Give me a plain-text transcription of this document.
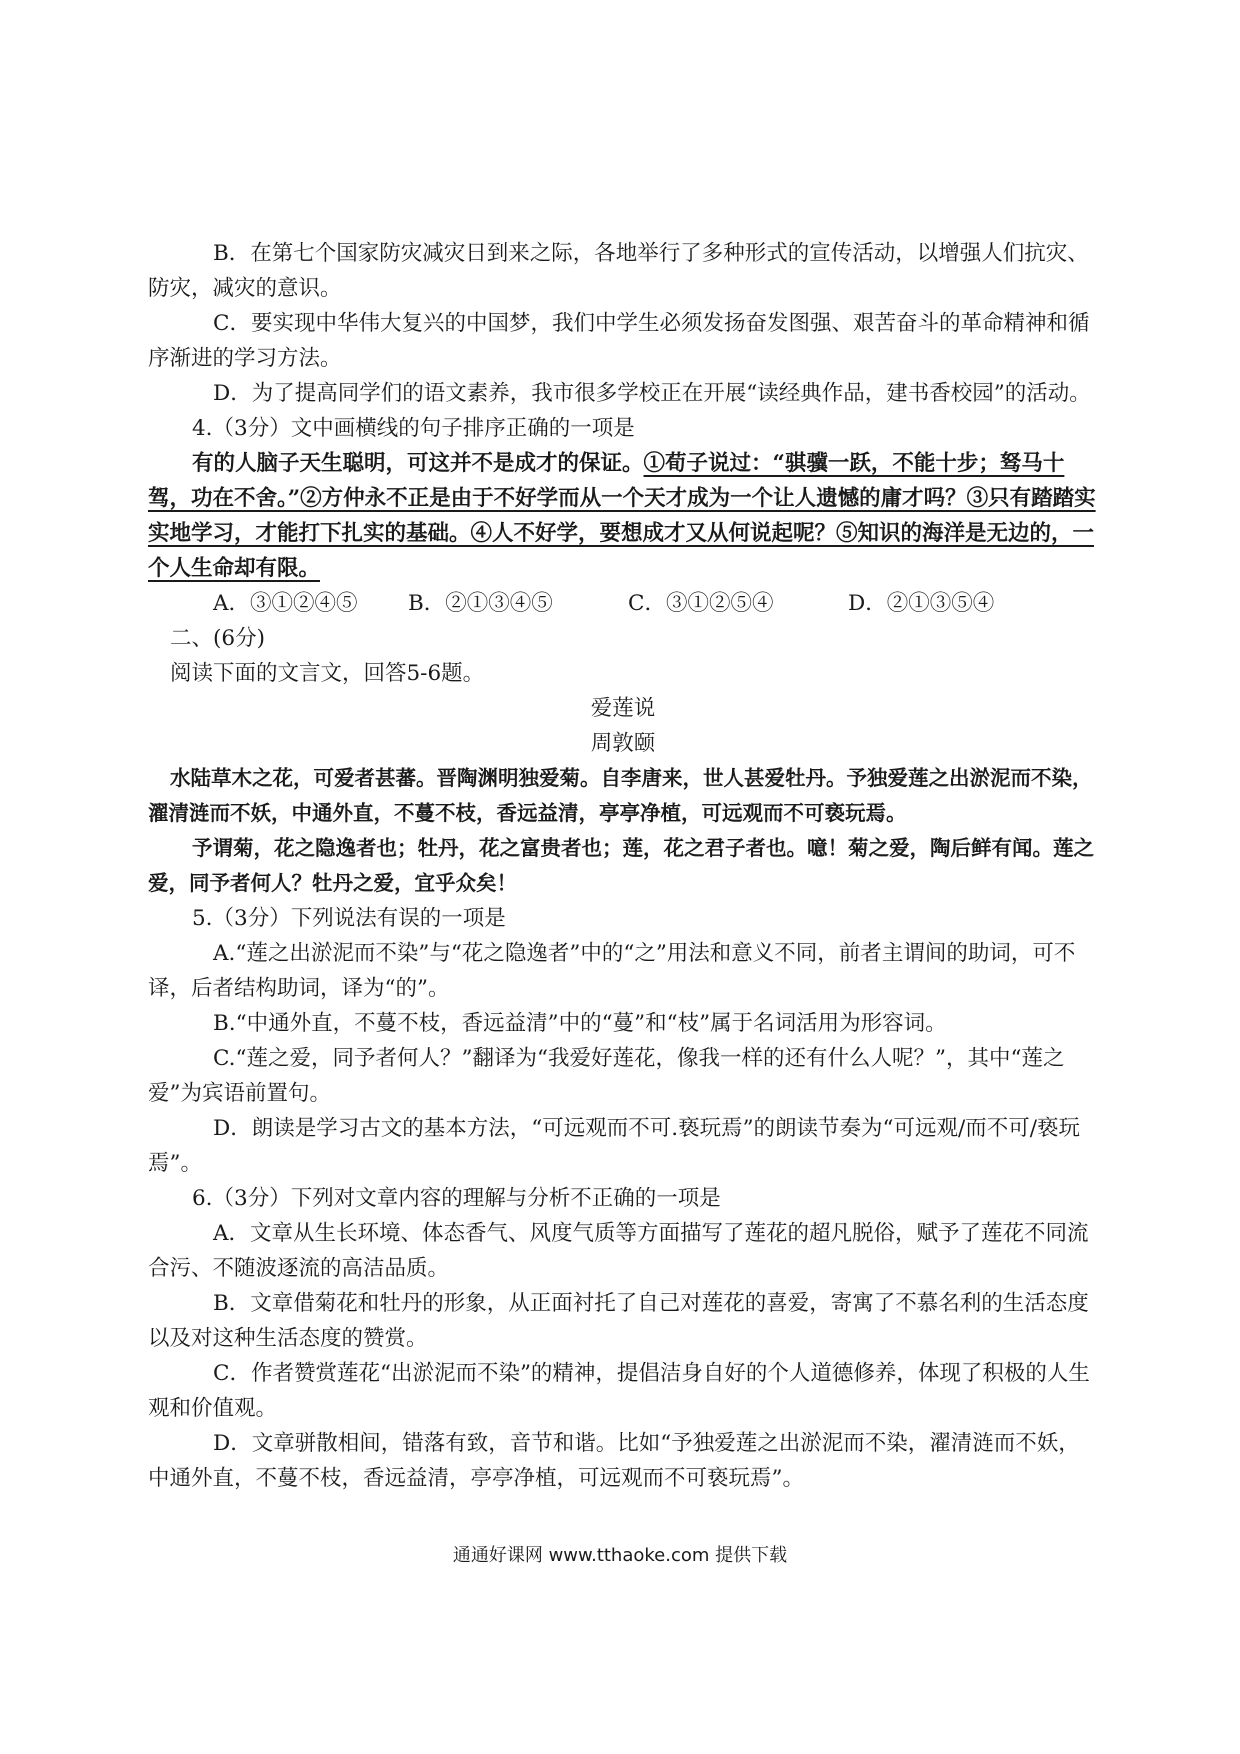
B．在第七个国家防灾减灾日到来之际，各地举行了多种形式的宣传活动，以增强人们抗灾、防灾，减灾的意识。

C．要实现中华伟大复兴的中国梦，我们中学生必须发扬奋发图强、艰苦奋斗的革命精神和循序渐进的学习方法。

D．为了提高同学们的语文素养，我市很多学校正在开展“读经典作品，建书香校园”的活动。

4.（3分）文中画横线的句子排序正确的一项是

有的人脑子天生聪明，可这并不是成才的保证。①荀子说过：“骐骥一跃，不能十步；驽马十驾，功在不舍。”②方仲永不正是由于不好学而从一个天才成为一个让人遗憾的庸才吗？③只有踏踏实实地学习，才能打下扎实的基础。④人不好学，要想成才又从何说起呢？⑤知识的海洋是无边的，一个人生命却有限。

A．③①②④⑤	B．②①③④⑤	C．③①②⑤④	D．②①③⑤④

二、(6分)

阅读下面的文言文，回答5-6题。

爱莲说

周敦颐

水陆草木之花，可爱者甚蕃。晋陶渊明独爱菊。自李唐来，世人甚爱牡丹。予独爱莲之出淤泥而不染，濯清涟而不妖，中通外直，不蔓不枝，香远益清，亭亭净植，可远观而不可亵玩焉。

予谓菊，花之隐逸者也；牡丹，花之富贵者也；莲，花之君子者也。噫！菊之爱，陶后鲜有闻。莲之爱，同予者何人？牡丹之爱，宜乎众矣！

5.（3分）下列说法有误的一项是

A.“莲之出淤泥而不染”与“花之隐逸者”中的“之”用法和意义不同，前者主谓间的助词，可不译，后者结构助词，译为“的”。

B.“中通外直，不蔓不枝，香远益清”中的“蔓”和“枝”属于名词活用为形容词。

C.“莲之爱，同予者何人？”翻译为“我爱好莲花，像我一样的还有什么人呢？”，其中“莲之爱”为宾语前置句。

D．朗读是学习古文的基本方法，“可远观而不可.亵玩焉”的朗读节奏为“可远观/而不可/亵玩焉”。

6.（3分）下列对文章内容的理解与分析不正确的一项是

A．文章从生长环境、体态香气、风度气质等方面描写了莲花的超凡脱俗，赋予了莲花不同流合污、不随波逐流的高洁品质。

B．文章借菊花和牡丹的形象，从正面衬托了自己对莲花的喜爱，寄寓了不慕名利的生活态度以及对这种生活态度的赞赏。

C．作者赞赏莲花“出淤泥而不染”的精神，提倡洁身自好的个人道德修养，体现了积极的人生观和价值观。

D．文章骈散相间，错落有致，音节和谐。比如“予独爱莲之出淤泥而不染，濯清涟而不妖，中通外直，不蔓不枝，香远益清，亭亭净植，可远观而不可亵玩焉”。

通通好课网 www.tthaoke.com 提供下载
